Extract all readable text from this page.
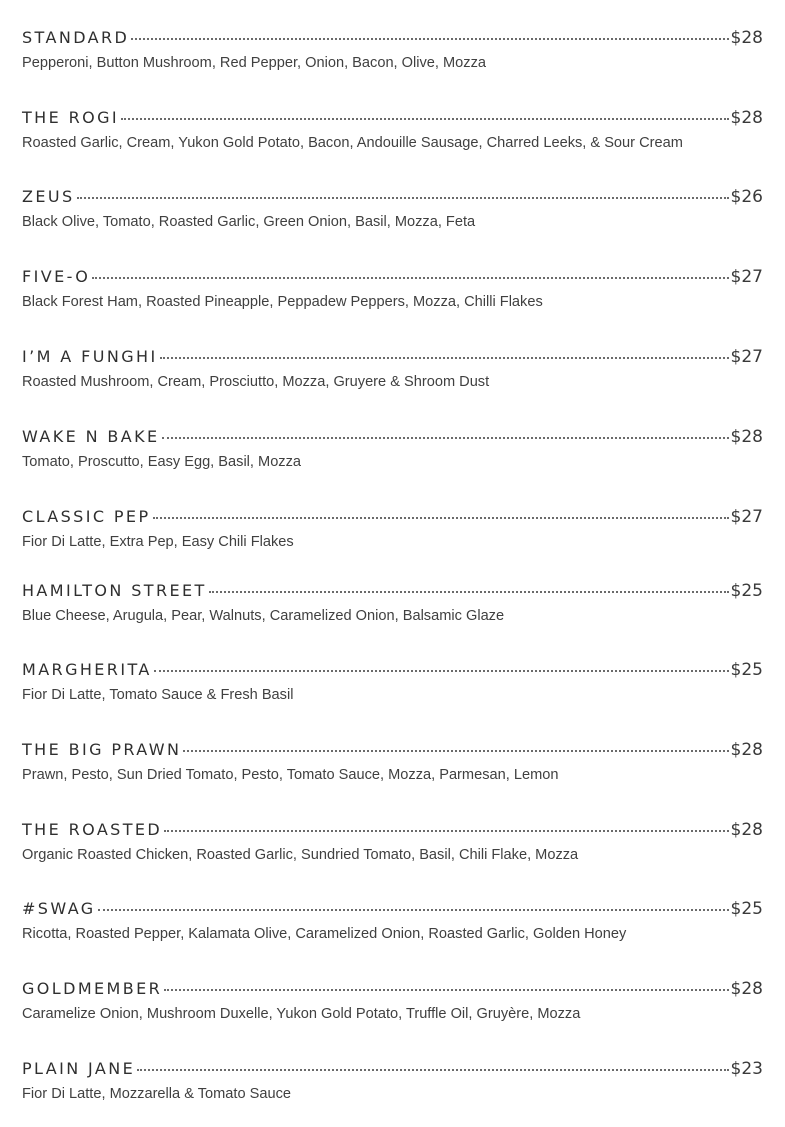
STANDARD	$28
Pepperoni, Button Mushroom, Red Pepper, Onion, Bacon, Olive, Mozza
THE ROGI	$28
Roasted Garlic, Cream, Yukon Gold Potato, Bacon, Andouille Sausage, Charred Leeks, & Sour Cream
ZEUS	$26
Black Olive, Tomato, Roasted Garlic, Green Onion, Basil, Mozza, Feta
FIVE-O	$27
Black Forest Ham, Roasted Pineapple, Peppadew Peppers, Mozza, Chilli Flakes
I’M A FUNGHI	$27
Roasted Mushroom, Cream, Prosciutto, Mozza, Gruyere & Shroom Dust
WAKE N BAKE	$28
Tomato, Proscutto, Easy Egg, Basil, Mozza
CLASSIC PEP	$27
Fior Di Latte, Extra Pep, Easy Chili Flakes
HAMILTON STREET	$25
Blue Cheese, Arugula, Pear, Walnuts, Caramelized Onion, Balsamic Glaze
MARGHERITA	$25
Fior Di Latte, Tomato Sauce & Fresh Basil
THE BIG PRAWN	$28
Prawn, Pesto, Sun Dried Tomato, Pesto, Tomato Sauce, Mozza, Parmesan, Lemon
THE ROASTED	$28
Organic Roasted Chicken, Roasted Garlic, Sundried Tomato, Basil, Chili Flake, Mozza
#SWAG	$25
Ricotta, Roasted Pepper, Kalamata Olive, Caramelized Onion, Roasted Garlic, Golden Honey
GOLDMEMBER	$28
Caramelize Onion, Mushroom Duxelle, Yukon Gold Potato, Truffle Oil, Gruyère, Mozza
PLAIN JANE	$23
Fior Di Latte, Mozzarella & Tomato Sauce
